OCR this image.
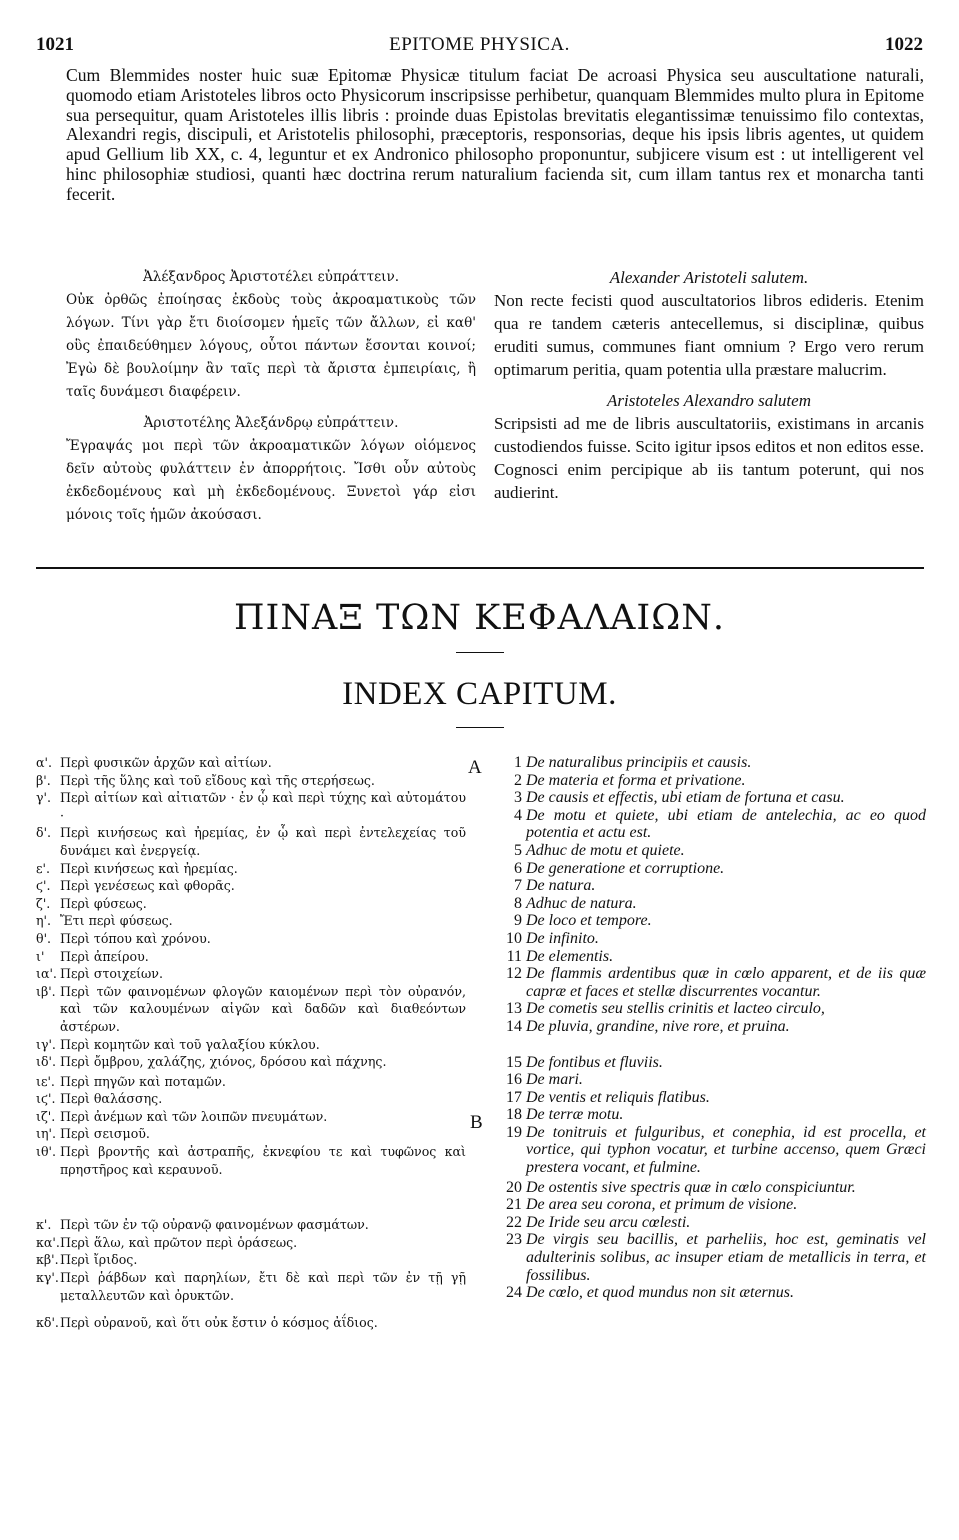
1021	EPITOME PHYSICA.	1022
Cum Blemmides noster huic suæ Epitomæ Physicæ titulum faciat De acroasi Physica seu auscultatione naturali, quomodo etiam Aristoteles libros octo Physicorum inscripsisse perhibetur, quanquam Blemmides multo plura in Epitome sua persequitur, quam Aristoteles illis libris : proinde duas Epistolas brevitatis elegantissimæ tenuissimo filo contextas, Alexandri regis, discipuli, et Aristotelis philosophi, præceptoris, responsorias, deque his ipsis libris agentes, ut quidem apud Gellium lib XX, c. 4, leguntur et ex Andronico philosopho proponuntur, subjicere visum est : ut intelligerent vel hinc philosophiæ studiosi, quanti hæc doctrina rerum naturalium facienda sit, cum illam tantus rex et monarcha tanti fecerit.
Ἀλέξανδρος Ἀριστοτέλει εὐπράττειν.
Οὐκ ὀρθῶς ἐποίησας ἐκδοὺς τοὺς ἀκροαματικοὺς τῶν λόγων. Τίνι γὰρ ἔτι διοίσομεν ἡμεῖς τῶν ἄλλων, εἰ καθ' οὓς ἐπαιδεύθημεν λόγους, οὗτοι πάντων ἔσονται κοινοί; Ἐγὼ δὲ βουλοίμην ἂν ταῖς περὶ τὰ ἄριστα ἐμπειρίαις, ἢ ταῖς δυνάμεσι διαφέρειν.
Ἀριστοτέλης Ἀλεξάνδρῳ εὐπράττειν.
Ἔγραψάς μοι περὶ τῶν ἀκροαματικῶν λόγων οἰόμενος δεῖν αὐτοὺς φυλάττειν ἐν ἀπορρήτοις. Ἴσθι οὖν αὐτοὺς ἐκδεδομένους καὶ μὴ ἐκδεδομένους. Ξυνετοὶ γάρ εἰσι μόνοις τοῖς ἡμῶν ἀκούσασι.
Alexander Aristoteli salutem.
Non recte fecisti quod auscultatorios libros edideris. Etenim qua re tandem cæteris antecellemus, si disciplinæ, quibus eruditi sumus, communes fiant omnium ? Ergo vero rerum optimarum peritia, quam potentia ulla præstare malucrim.
Aristoteles Alexandro salutem
Scripsisti ad me de libris auscultatoriis, existimans in arcanis custodiendos fuisse. Scito igitur ipsos editos et non editos esse. Cognosci enim percipique ab iis tantum poterunt, qui nos audierint.
ΠΙΝΑΞ ΤΩΝ ΚΕΦΑΛΑΙΩΝ.
INDEX CAPITUM.
α'. Περὶ φυσικῶν ἀρχῶν καὶ αἰτίων.
β'. Περὶ τῆς ὕλης καὶ τοῦ εἴδους καὶ τῆς στερήσεως.
γ'. Περὶ αἰτίων καὶ αἰτιατῶν · ἐν ᾧ καὶ περὶ τύχης καὶ αὐτομάτου ·
δ'. Περὶ κινήσεως καὶ ἠρεμίας, ἐν ᾧ καὶ περὶ ἐντελεχείας τοῦ δυνάμει καὶ ἐνεργείᾳ.
ε'. Περὶ κινήσεως καὶ ἠρεμίας.
ϛ'. Περὶ γενέσεως καὶ φθορᾶς.
ζ'. Περὶ φύσεως.
η'. Ἔτι περὶ φύσεως.
θ'. Περὶ τόπου καὶ χρόνου.
ι'	Περὶ ἀπείρου.
ια'. Περὶ στοιχείων.
ιβ'. Περὶ τῶν φαινομένων φλογῶν καιομένων περὶ τὸν οὐρανόν, καὶ τῶν καλουμένων αἰγῶν καὶ δαδῶν καὶ διαθεόντων ἀστέρων.
ιγ'. Περὶ κομητῶν καὶ τοῦ γαλαξίου κύκλου.
ιδ'. Περὶ ὄμβρου, χαλάζης, χιόνος, δρόσου καὶ πάχνης.
ιε'. Περὶ πηγῶν καὶ ποταμῶν.
ιϛ'. Περὶ θαλάσσης.
ιζ'. Περὶ ἀνέμων καὶ τῶν λοιπῶν πνευμάτων.
ιη'. Περὶ σεισμοῦ.
ιθ'. Περὶ βροντῆς καὶ ἀστραπῆς, ἐκνεφίου τε καὶ τυφῶνος καὶ πρηστῆρος καὶ κεραυνοῦ.
κ'. Περὶ τῶν ἐν τῷ οὐρανῷ φαινομένων φασμάτων.
κα'. Περὶ ἅλω, καὶ πρῶτον περὶ ὁράσεως.
κβ'. Περὶ ἴριδος.
κγ'. Περὶ ῥάβδων καὶ παρηλίων, ἔτι δὲ καὶ περὶ τῶν ἐν τῇ γῇ μεταλλευτῶν καὶ ὀρυκτῶν.
κδ'. Περὶ οὐρανοῦ, καὶ ὅτι οὐκ ἔστιν ὁ κόσμος ἀΐδιος.
1 De naturalibus principiis et causis.
2 De materia et forma et privatione.
3 De causis et effectis, ubi etiam de fortuna et casu.
4 De motu et quiete, ubi etiam de antelechia, ac eo quod potentia et actu est.
5 Adhuc de motu et quiete.
6 De generatione et corruptione.
7 De natura.
8 Adhuc de natura.
9 De loco et tempore.
10 De infinito.
11 De elementis.
12 De flammis ardentibus quæ in cœlo apparent, et de iis quæ capræ et faces et stellæ discurrentes vocantur.
13 De cometis seu stellis crinitis et lacteo circulo,
14 De pluvia, grandine, nive rore, et pruina.
15 De fontibus et fluviis.
16 De mari.
17 De ventis et reliquis flatibus.
18 De terræ motu.
19 De tonitruis et fulguribus, et conephia, id est procella, et vortice, qui typhon vocatur, et turbine accenso, quem Græci prestera vocant, et fulmine.
20 De ostentis sive spectris quæ in cœlo conspiciuntur.
21 De area seu corona, et primum de visione.
22 De Iride seu arcu cœlesti.
23 De virgis seu bacillis, et parheliis, hoc est, geminatis vel adulterinis solibus, ac insuper etiam de metallicis in terra, et fossilibus.
24 De cœlo, et quod mundus non sit æternus.
A
B
